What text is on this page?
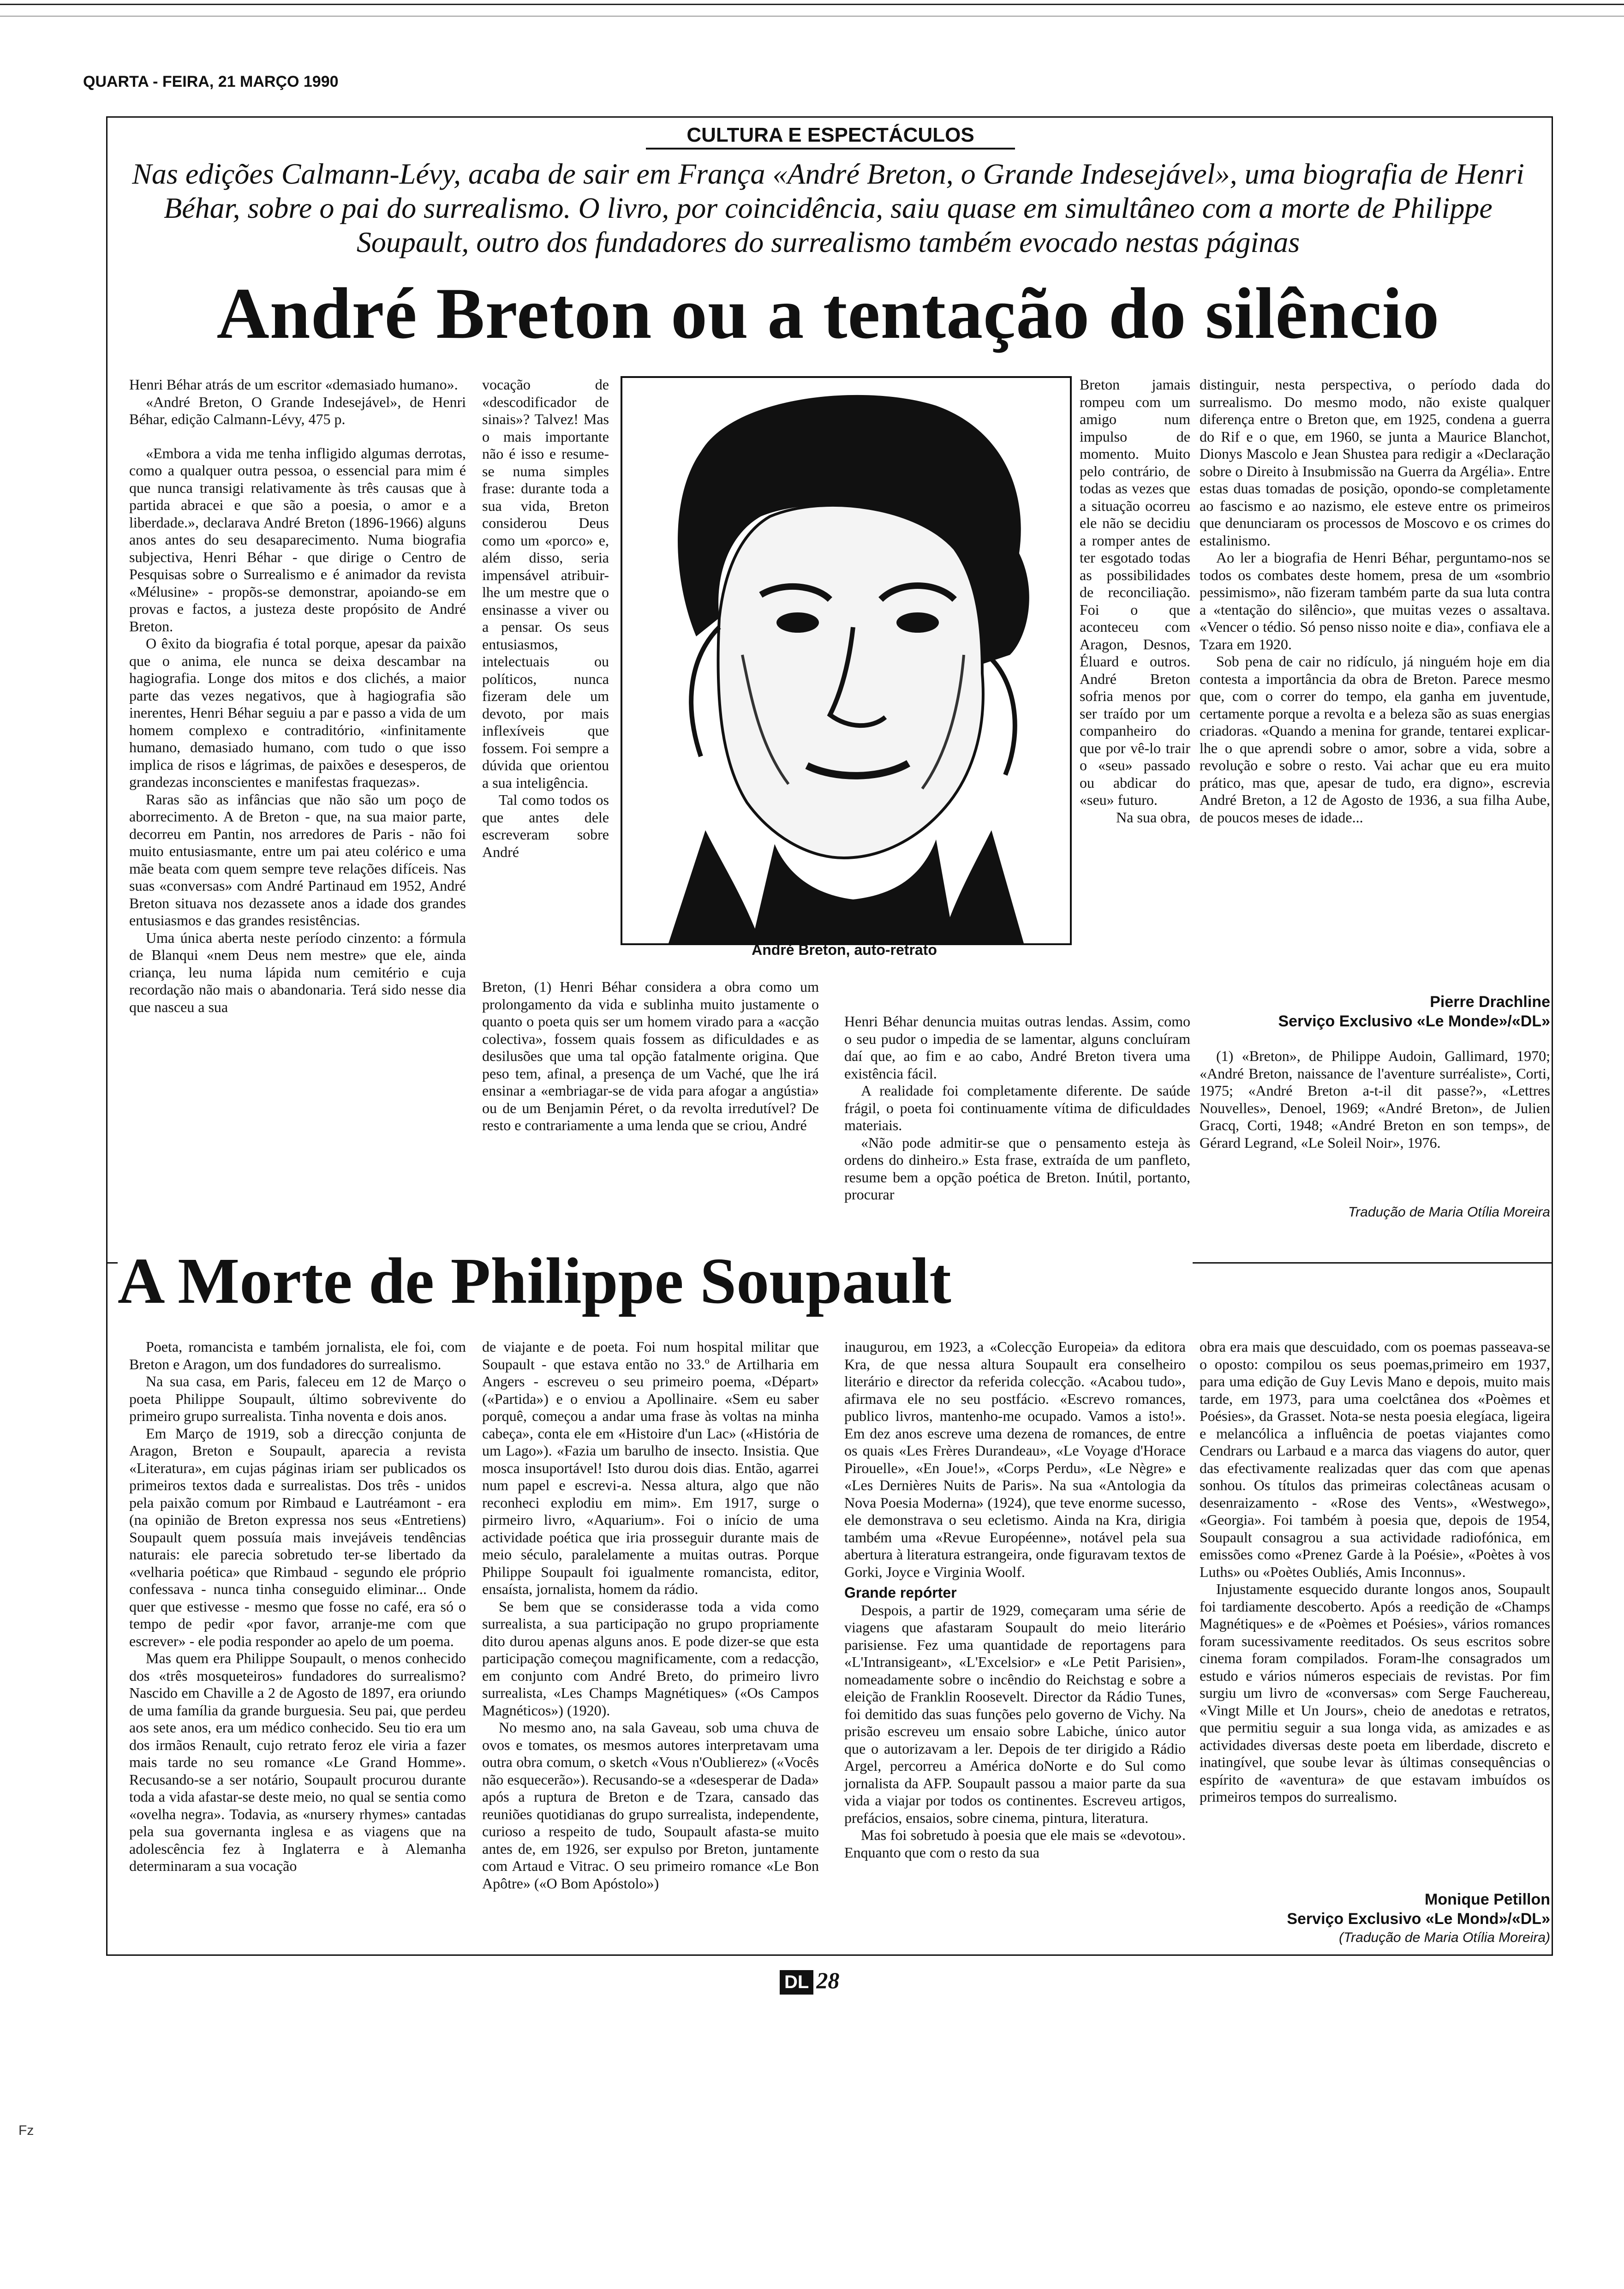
QUARTA - FEIRA, 21 MARÇO 1990
CULTURA E ESPECTÁCULOS
Nas edições Calmann-Lévy, acaba de sair em França «André Breton, o Grande Indesejável», uma biografia de Henri Béhar, sobre o pai do surrealismo. O livro, por coincidência, saiu quase em simultâneo com a morte de Philippe Soupault, outro dos fundadores do surrealismo também evocado nestas páginas
André Breton ou a tentação do silêncio

Henri Béhar atrás de um escritor «demasiado humano».

«André Breton, O Grande Indesejável», de Henri Béhar, edição Calmann-Lévy, 475 p.

«Embora a vida me tenha infligido algumas derrotas, como a qualquer outra pessoa, o essencial para mim é que nunca transigi relativamente às três causas que à partida abracei e que são a poesia, o amor e a liberdade.», declarava André Breton (1896-1966) alguns anos antes do seu desaparecimento. Numa biografia subjectiva, Henri Béhar - que dirige o Centro de Pesquisas sobre o Surrealismo e é animador da revista «Mélusine» - propõs-se demonstrar, apoiando-se em provas e factos, a justeza deste propósito de André Breton.

O êxito da biografia é total porque, apesar da paixão que o anima, ele nunca se deixa descambar na hagiografia. Longe dos mitos e dos clichés, a maior parte das vezes negativos, que à hagiografia são inerentes, Henri Béhar seguiu a par e passo a vida de um homem complexo e contraditório, «infinitamente humano, demasiado humano, com tudo o que isso implica de risos e lágrimas, de paixões e desesperos, de grandezas inconscientes e manifestas fraquezas».

Raras são as infâncias que não são um poço de aborrecimento. A de Breton - que, na sua maior parte, decorreu em Pantin, nos arredores de Paris - não foi muito entusiasmante, entre um pai ateu colérico e uma mãe beata com quem sempre teve relações difíceis. Nas suas «conversas» com André Partinaud em 1952, André Breton situava nos dezassete anos a idade dos grandes entusiasmos e das grandes resistências.

Uma única aberta neste período cinzento: a fórmula de Blanqui «nem Deus nem mestre» que ele, ainda criança, leu numa lápida num cemitério e cuja recordação não mais o abandonaria. Terá sido nesse dia que nasceu a sua

vocação de «descodificador de sinais»? Talvez! Mas o mais importante não é isso e resume-se numa simples frase: durante toda a sua vida, Breton considerou Deus como um «porco» e, além disso, seria impensável atribuir-lhe um mestre que o ensinasse a viver ou a pensar. Os seus entusiasmos, intelectuais ou políticos, nunca fizeram dele um devoto, por mais inflexíveis que fossem. Foi sempre a dúvida que orientou a sua inteligência.

Tal como todos os que antes dele escreveram sobre André

André Breton, auto-retrato

Breton jamais rompeu com um amigo num impulso de momento. Muito pelo contrário, de todas as vezes que a situação ocorreu ele não se decidiu a romper antes de ter esgotado todas as possibilidades de reconciliação. Foi o que aconteceu com Aragon, Desnos, Éluard e outros. André Breton sofria menos por ser traído por um companheiro do que por vê-lo trair o «seu» passado ou abdicar do «seu» futuro.

Na sua obra,

Breton, (1) Henri Béhar considera a obra como um prolongamento da vida e sublinha muito justamente o quanto o poeta quis ser um homem virado para a «acção colectiva», fossem quais fossem as dificuldades e as desilusões que uma tal opção fatalmente origina. Que peso tem, afinal, a presença de um Vaché, que lhe irá ensinar a «embriagar-se de vida para afogar a angústia» ou de um Benjamin Péret, o da revolta irredutível? De resto e contrariamente a uma lenda que se criou, André

Henri Béhar denuncia muitas outras lendas. Assim, como o seu pudor o impedia de se lamentar, alguns concluíram daí que, ao fim e ao cabo, André Breton tivera uma existência fácil.

A realidade foi completamente diferente. De saúde frágil, o poeta foi continuamente vítima de dificuldades materiais.

«Não pode admitir-se que o pensamento esteja às ordens do dinheiro.» Esta frase, extraída de um panfleto, resume bem a opção poética de Breton. Inútil, portanto, procurar

distinguir, nesta perspectiva, o período dada do surrealismo. Do mesmo modo, não existe qualquer diferença entre o Breton que, em 1925, condena a guerra do Rif e o que, em 1960, se junta a Maurice Blanchot, Dionys Mascolo e Jean Shustea para redigir a «Declaração sobre o Direito à Insubmissão na Guerra da Argélia». Entre estas duas tomadas de posição, opondo-se completamente ao fascismo e ao nazismo, ele esteve entre os primeiros que denunciaram os processos de Moscovo e os crimes do estalinismo.

Ao ler a biografia de Henri Béhar, perguntamo-nos se todos os combates deste homem, presa de um «sombrio pessimismo», não fizeram também parte da sua luta contra a «tentação do silêncio», que muitas vezes o assaltava. «Vencer o tédio. Só penso nisso noite e dia», confiava ele a Tzara em 1920.

Sob pena de cair no ridículo, já ninguém hoje em dia contesta a importância da obra de Breton. Parece mesmo que, com o correr do tempo, ela ganha em juventude, certamente porque a revolta e a beleza são as suas energias criadoras. «Quando a menina for grande, tentarei explicar-lhe o que aprendi sobre o amor, sobre a vida, sobre a revolução e sobre o resto. Vai achar que eu era muito prático, mas que, apesar de tudo, era digno», escrevia André Breton, a 12 de Agosto de 1936, a sua filha Aube, de poucos meses de idade...

Pierre Drachline
Serviço Exclusivo «Le Monde»/«DL»

(1) «Breton», de Philippe Audoin, Gallimard, 1970; «André Breton, naissance de l'aventure surréaliste», Corti, 1975; «André Breton a-t-il dit passe?», «Lettres Nouvelles», Denoel, 1969; «André Breton», de Julien Gracq, Corti, 1948; «André Breton en son temps», de Gérard Legrand, «Le Soleil Noir», 1976.

Tradução de Maria Otília Moreira
A Morte de Philippe Soupault

Poeta, romancista e também jornalista, ele foi, com Breton e Aragon, um dos fundadores do surrealismo.

Na sua casa, em Paris, faleceu em 12 de Março o poeta Philippe Soupault, último sobrevivente do primeiro grupo surrealista. Tinha noventa e dois anos.

Em Março de 1919, sob a direcção conjunta de Aragon, Breton e Soupault, aparecia a revista «Literatura», em cujas páginas iriam ser publicados os primeiros textos dada e surrealistas. Dos três - unidos pela paixão comum por Rimbaud e Lautréamont - era (na opinião de Breton expressa nos seus «Entretiens) Soupault quem possuía mais invejáveis tendências naturais: ele parecia sobretudo ter-se libertado da «velharia poética» que Rimbaud - segundo ele próprio confessava - nunca tinha conseguido eliminar... Onde quer que estivesse - mesmo que fosse no café, era só o tempo de pedir «por favor, arranje-me com que escrever» - ele podia responder ao apelo de um poema.

Mas quem era Philippe Soupault, o menos conhecido dos «três mosqueteiros» fundadores do surrealismo? Nascido em Chaville a 2 de Agosto de 1897, era oriundo de uma família da grande burguesia. Seu pai, que perdeu aos sete anos, era um médico conhecido. Seu tio era um dos irmãos Renault, cujo retrato feroz ele viria a fazer mais tarde no seu romance «Le Grand Homme». Recusando-se a ser notário, Soupault procurou durante toda a vida afastar-se deste meio, no qual se sentia como «ovelha negra». Todavia, as «nursery rhymes» cantadas pela sua governanta inglesa e as viagens que na adolescência fez à Inglaterra e à Alemanha determinaram a sua vocação

de viajante e de poeta. Foi num hospital militar que Soupault - que estava então no 33.º de Artilharia em Angers - escreveu o seu primeiro poema, «Départ» («Partida») e o enviou a Apollinaire. «Sem eu saber porquê, começou a andar uma frase às voltas na minha cabeça», conta ele em «Histoire d'un Lac» («História de um Lago»). «Fazia um barulho de insecto. Insistia. Que mosca insuportável! Isto durou dois dias. Então, agarrei num papel e escrevi-a. Nessa altura, algo que não reconheci explodiu em mim». Em 1917, surge o pirmeiro livro, «Aquarium». Foi o início de uma actividade poética que iria prosseguir durante mais de meio século, paralelamente a muitas outras. Porque Philippe Soupault foi igualmente romancista, editor, ensaísta, jornalista, homem da rádio.

Se bem que se considerasse toda a vida como surrealista, a sua participação no grupo propriamente dito durou apenas alguns anos. E pode dizer-se que esta participação começou magnificamente, com a redacção, em conjunto com André Breto, do primeiro livro surrealista, «Les Champs Magnétiques» («Os Campos Magnéticos») (1920).

No mesmo ano, na sala Gaveau, sob uma chuva de ovos e tomates, os mesmos autores interpretavam uma outra obra comum, o sketch «Vous n'Oublierez» («Vocês não esquecerão»). Recusando-se a «desesperar de Dada» após a ruptura de Breton e de Tzara, cansado das reuniões quotidianas do grupo surrealista, independente, curioso a respeito de tudo, Soupault afasta-se muito antes de, em 1926, ser expulso por Breton, juntamente com Artaud e Vitrac. O seu primeiro romance «Le Bon Apôtre» («O Bom Apóstolo»)

inaugurou, em 1923, a «Colecção Europeia» da editora Kra, de que nessa altura Soupault era conselheiro literário e director da referida colecção. «Acabou tudo», afirmava ele no seu postfácio. «Escrevo romances, publico livros, mantenho-me ocupado. Vamos a isto!». Em dez anos escreve uma dezena de romances, de entre os quais «Les Frères Durandeau», «Le Voyage d'Horace Pirouelle», «En Joue!», «Corps Perdu», «Le Nègre» e «Les Dernières Nuits de Paris». Na sua «Antologia da Nova Poesia Moderna» (1924), que teve enorme sucesso, ele demonstrava o seu ecletismo. Ainda na Kra, dirigia também uma «Revue Européenne», notável pela sua abertura à literatura estrangeira, onde figuravam textos de Gorki, Joyce e Virginia Woolf.

Grande repórter

Despois, a partir de 1929, começaram uma série de viagens que afastaram Soupault do meio literário parisiense. Fez uma quantidade de reportagens para «L'Intransigeant», «L'Excelsior» e «Le Petit Parisien», nomeadamente sobre o incêndio do Reichstag e sobre a eleição de Franklin Roosevelt. Director da Rádio Tunes, foi demitido das suas funções pelo governo de Vichy. Na prisão escreveu um ensaio sobre Labiche, único autor que o autorizavam a ler. Depois de ter dirigido a Rádio Argel, percorreu a América doNorte e do Sul como jornalista da AFP. Soupault passou a maior parte da sua vida a viajar por todos os continentes. Escreveu artigos, prefácios, ensaios, sobre cinema, pintura, literatura.

Mas foi sobretudo à poesia que ele mais se «devotou». Enquanto que com o resto da sua

obra era mais que descuidado, com os poemas passeava-se o oposto: compilou os seus poemas,primeiro em 1937, para uma edição de Guy Levis Mano e depois, muito mais tarde, em 1973, para uma coelctânea dos «Poèmes et Poésies», da Grasset. Nota-se nesta poesia elegíaca, ligeira e melancólica a influência de poetas viajantes como Cendrars ou Larbaud e a marca das viagens do autor, quer das efectivamente realizadas quer das com que apenas sonhou. Os títulos das primeiras colectâneas acusam o desenraizamento - «Rose des Vents», «Westwego», «Georgia». Foi também à poesia que, depois de 1954, Soupault consagrou a sua actividade radiofónica, em emissões como «Prenez Garde à la Poésie», «Poètes à vos Luths» ou «Poètes Oubliés, Amis Inconnus».

Injustamente esquecido durante longos anos, Soupault foi tardiamente descoberto. Após a reedição de «Champs Magnétiques» e de «Poèmes et Poésies», vários romances foram sucessivamente reeditados. Os seus escritos sobre cinema foram compilados. Foram-lhe consagrados um estudo e vários números especiais de revistas. Por fim surgiu um livro de «conversas» com Serge Fauchereau, «Vingt Mille et Un Jours», cheio de anedotas e retratos, que permitiu seguir a sua longa vida, as amizades e as actividades diversas deste poeta em liberdade, discreto e inatingível, que soube levar às últimas consequências o espírito de «aventura» de que estavam imbuídos os primeiros tempos do surrealismo.

Monique Petillon
Serviço Exclusivo «Le Mond»/«DL»
(Tradução de Maria Otília Moreira)
DL 28
Fz
